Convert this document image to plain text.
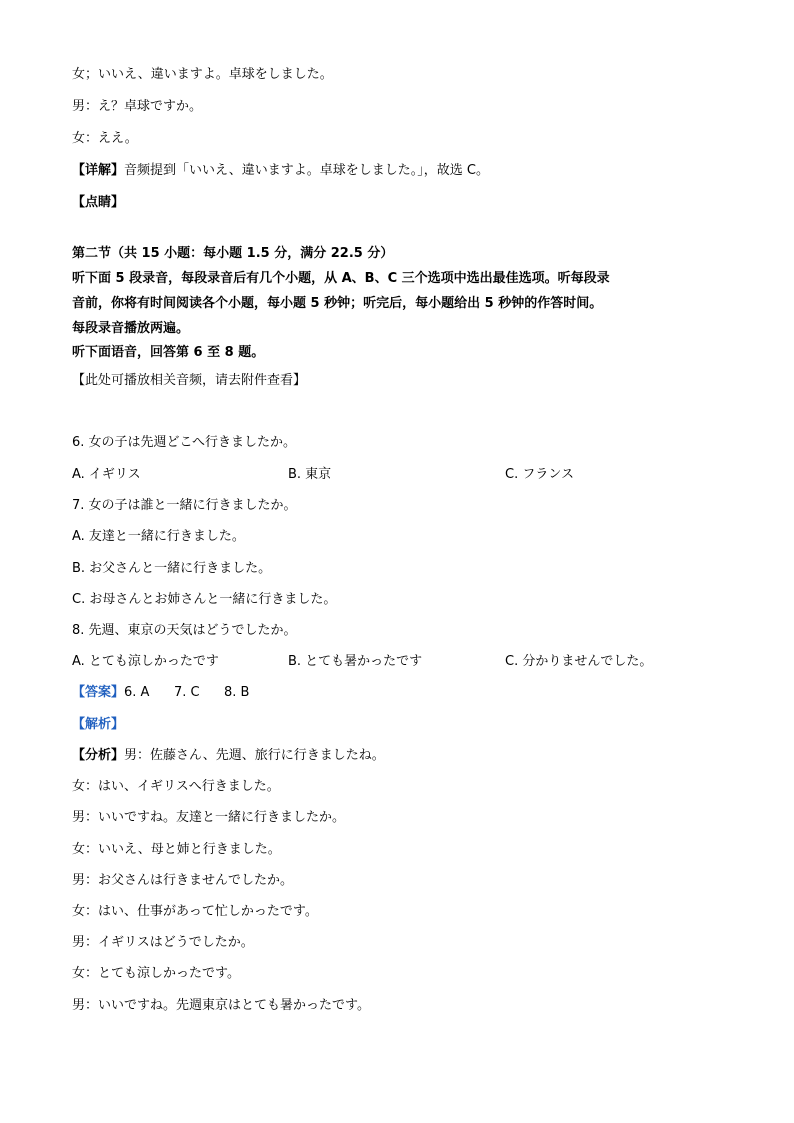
女；いいえ、違いますよ。卓球をしました。
男：え？卓球ですか。
女：ええ。
【详解】音频提到「いいえ、違いますよ。卓球をしました。」，故选 C。
【点睛】
第二节（共 15 小题：每小题 1.5 分，满分 22.5 分）
听下面 5 段录音，每段录音后有几个小题，从 A、B、C 三个选项中选出最佳选项。听每段录
音前，你将有时间阅读各个小题，每小题 5 秒钟；听完后，每小题给出 5 秒钟的作答时间。
每段录音播放两遍。
听下面语音，回答第 6 至 8 题。
【此处可播放相关音频，请去附件查看】
6. 女の子は先週どこへ行きましたか。
A. イギリス	B. 東京	C. フランス
7. 女の子は誰と一緒に行きましたか。
A. 友達と一緒に行きました。
B. お父さんと一緒に行きました。
C. お母さんとお姉さんと一緒に行きました。
8. 先週、東京の天気はどうでしたか。
A. とても涼しかったです	B. とても暑かったです	C. 分かりませんでした。
【答案】6. A 7. C 8. B
【解析】
【分析】男：佐藤さん、先週、旅行に行きましたね。
女：はい、イギリスへ行きました。
男：いいですね。友達と一緒に行きましたか。
女：いいえ、母と姉と行きました。
男：お父さんは行きませんでしたか。
女：はい、仕事があって忙しかったです。
男：イギリスはどうでしたか。
女：とても涼しかったです。
男：いいですね。先週東京はとても暑かったです。
